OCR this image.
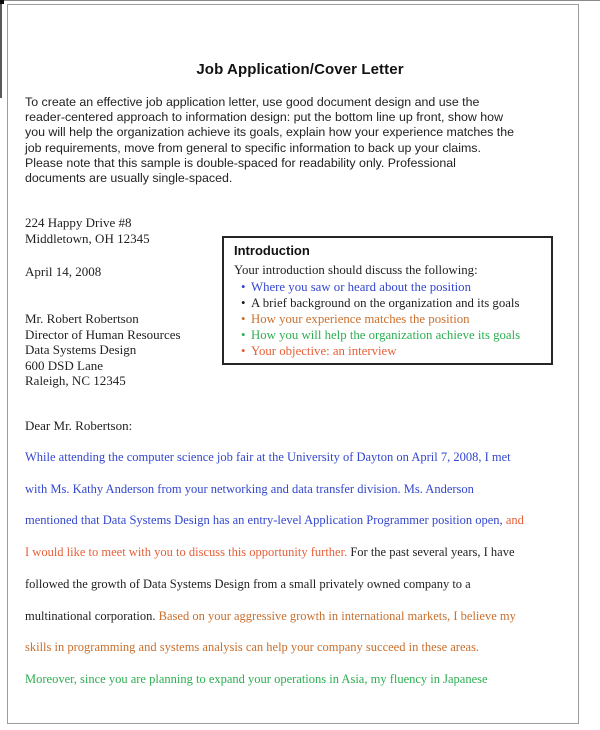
Job Application/Cover Letter
To create an effective job application letter, use good document design and use the
reader-centered approach to information design: put the bottom line up front, show how
you will help the organization achieve its goals, explain how your experience matches the
job requirements, move from general to specific information to back up your claims.
Please note that this sample is double-spaced for readability only. Professional
documents are usually single-spaced.
224 Happy Drive #8
Middletown, OH 12345
April 14, 2008
Mr. Robert Robertson
Director of Human Resources
Data Systems Design
600 DSD Lane
Raleigh, NC 12345
Introduction
Your introduction should discuss the following:
• Where you saw or heard about the position
• A brief background on the organization and its goals
• How your experience matches the position
• How you will help the organization achieve its goals
• Your objective: an interview
Dear Mr. Robertson:
While attending the computer science job fair at the University of Dayton on April 7, 2008, I met
with Ms. Kathy Anderson from your networking and data transfer division. Ms. Anderson
mentioned that Data Systems Design has an entry-level Application Programmer position open, and
I would like to meet with you to discuss this opportunity further. For the past several years, I have
followed the growth of Data Systems Design from a small privately owned company to a
multinational corporation. Based on your aggressive growth in international markets, I believe my
skills in programming and systems analysis can help your company succeed in these areas.
Moreover, since you are planning to expand your operations in Asia, my fluency in Japanese
